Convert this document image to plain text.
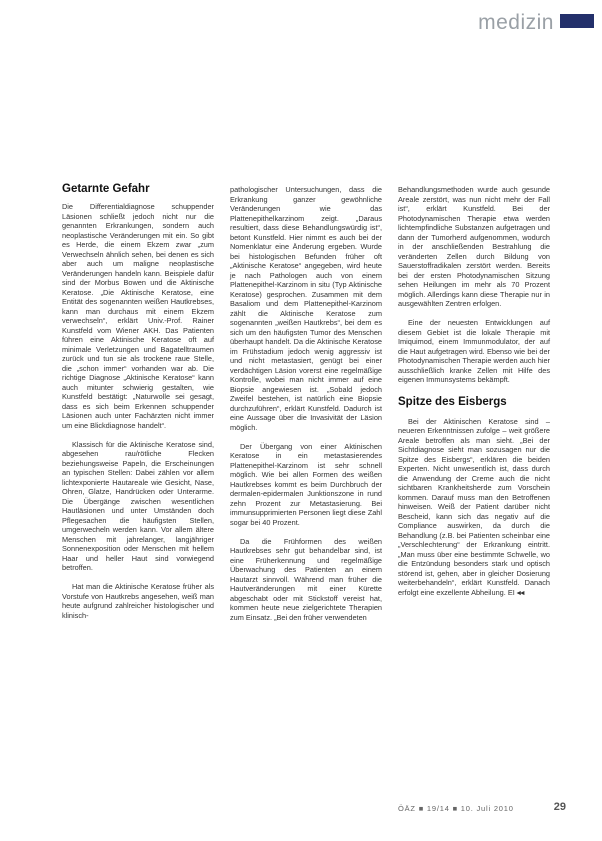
medizin
Getarnte Gefahr

Die Differentialdiagnose schuppender Läsionen schließt jedoch nicht nur die genannten Erkrankungen, sondern auch neoplastische Veränderungen mit ein. So gibt es Herde, die einem Ekzem zwar „zum Verwechseln ähnlich sehen, bei denen es sich aber auch um maligne neoplastische Veränderungen handeln kann. Beispiele dafür sind der Morbus Bowen und die Aktinische Keratose. „Die Aktinische Keratose, eine Entität des sogenannten weißen Hautkrebses, kann man durchaus mit einem Ekzem verwechseln“, erklärt Univ.-Prof. Rainer Kunstfeld vom Wiener AKH. Das Patienten führen eine Aktinische Keratose oft auf minimale Verletzungen und Bagatelltraumen zurück und tun sie als trockene raue Stelle, die „schon immer“ vorhanden war ab. Die richtige Diagnose „Aktinische Keratose“ kann auch mitunter schwierig gestalten, wie Kunstfeld bestätigt: „Naturwolle sei gesagt, dass es sich beim Erkennen schuppender Läsionen auch unter Fachärzten nicht immer um eine Blickdiagnose handelt“.

Klassisch für die Aktinische Keratose sind, abgesehen rau/rötliche Flecken beziehungsweise Papeln, die Erscheinungen an typischen Stellen: Dabei zählen vor allem lichtexponierte Hautareale wie Gesicht, Nase, Ohren, Glatze, Handrücken oder Unterarme. Die Übergänge zwischen wesentlichen Hautläsionen und unter Umständen doch Pflegesachen die häufigsten Stellen, umgerwecheln werden kann. Vor allem ältere Menschen mit jahrelanger, langjähriger Sonnenexposition oder Menschen mit hellem Haar und heller Haut sind vorwiegend betroffen.

Hat man die Aktinische Keratose früher als Vorstufe von Hautkrebs angesehen, weiß man heute aufgrund zahlreicher histologischer und klinisch-

pathologischer Untersuchungen, dass die Erkrankung ganzer gewöhnliche Veränderungen wie das Plattenepithelkarzinom zeigt. „Daraus resultiert, dass diese Behandlungswürdig ist“, betont Kunstfeld. Hier nimmt es auch bei der Nomenklatur eine Änderung ergeben. Wurde bei histologischen Befunden früher oft „Aktinische Keratose“ angegeben, wird heute je nach Pathologen auch von einem Plattenepithel-Karzinom in situ (Typ Aktinische Keratose) gesprochen. Zusammen mit dem Basaliom und dem Plattenepithel-Karzinom zählt die Aktinische Keratose zum sogenannten „weißen Hautkrebs“, bei dem es sich um den häufigsten Tumor des Menschen überhaupt handelt. Da die Aktinische Keratose im Frühstadium jedoch wenig aggressiv ist und nicht metastasiert, genügt bei einer verdächtigen Läsion vorerst eine regelmäßige Kontrolle, wobei man nicht immer auf eine Biopsie angewiesen ist. „Sobald jedoch Zweifel bestehen, ist natürlich eine Biopsie durchzuführen“, erklärt Kunstfeld. Dadurch ist eine Aussage über die Invasivität der Läsion möglich.

Der Übergang von einer Aktinischen Keratose in ein metastasierendes Plattenepithel-Karzinom ist sehr schnell möglich. Wie bei allen Formen des weißen Hautkrebses kommt es beim Durchbruch der dermalen-epidermalen Junktionszone in rund zehn Prozent zur Metastasierung. Bei immunsupprimierten Personen liegt diese Zahl sogar bei 40 Prozent.

Da die Frühformen des weißen Hautkrebses sehr gut behandelbar sind, ist eine Früherkennung und regelmäßige Überwachung des Patienten an einem Hautarzt sinnvoll. Während man früher die Hautveränderungen mit einer Kürette abgeschabt oder mit Stickstoff vereist hat, kommen heute neue zielgerichtete Therapien zum Einsatz. „Bei den früher verwendeten

Behandlungsmethoden wurde auch gesunde Areale zerstört, was nun nicht mehr der Fall ist“, erklärt Kunstfeld. Bei der Photodynamischen Therapie etwa werden lichtempfindliche Substanzen aufgetragen und dann der Tumorherd aufgenommen, wodurch in der anschließenden Bestrahlung die veränderten Zellen durch Bildung von Sauerstoffradikalen zerstört werden. Bereits bei der ersten Photodynamischen Sitzung sehen Heilungen im mehr als 70 Prozent möglich. Allerdings kann diese Therapie nur in ausgewählten Zentren erfolgen.

Eine der neuesten Entwicklungen auf diesem Gebiet ist die lokale Therapie mit Imiquimod, einem Immunmodulator, der auf die Haut aufgetragen wird. Ebenso wie bei der Photodynamischen Therapie werden auch hier ausschließlich kranke Zellen mit Hilfe des eigenen Immunsystems bekämpft.

Spitze des Eisbergs

Bei der Aktinischen Keratose sind – neueren Erkenntnissen zufolge – weit größere Areale betroffen als man sieht. „Bei der Sichtdiagnose sieht man sozusagen nur die Spitze des Eisbergs“, erklären die beiden Experten. Nicht unwesentlich ist, dass durch die Anwendung der Creme auch die nicht sichtbaren Krankheitsherde zum Vorschein kommen. Darauf muss man den Betroffenen hinweisen. Weiß der Patient darüber nicht Bescheid, kann sich das negativ auf die Compliance auswirken, da durch die Behandlung (z.B. bei Patienten scheinbar eine „Verschlechterung“ der Erkrankung eintritt. „Man muss über eine bestimmte Schwelle, wo die Entzündung besonders stark und optisch störend ist, gehen, aber in gleicher Dosierung weiterbehandeln“, erklärt Kunstfeld. Danach erfolgt eine exzellente Abheilung. EI ◂◂

ÖÄZ ■ 19/14 ■ 10. Juli 2010	29
